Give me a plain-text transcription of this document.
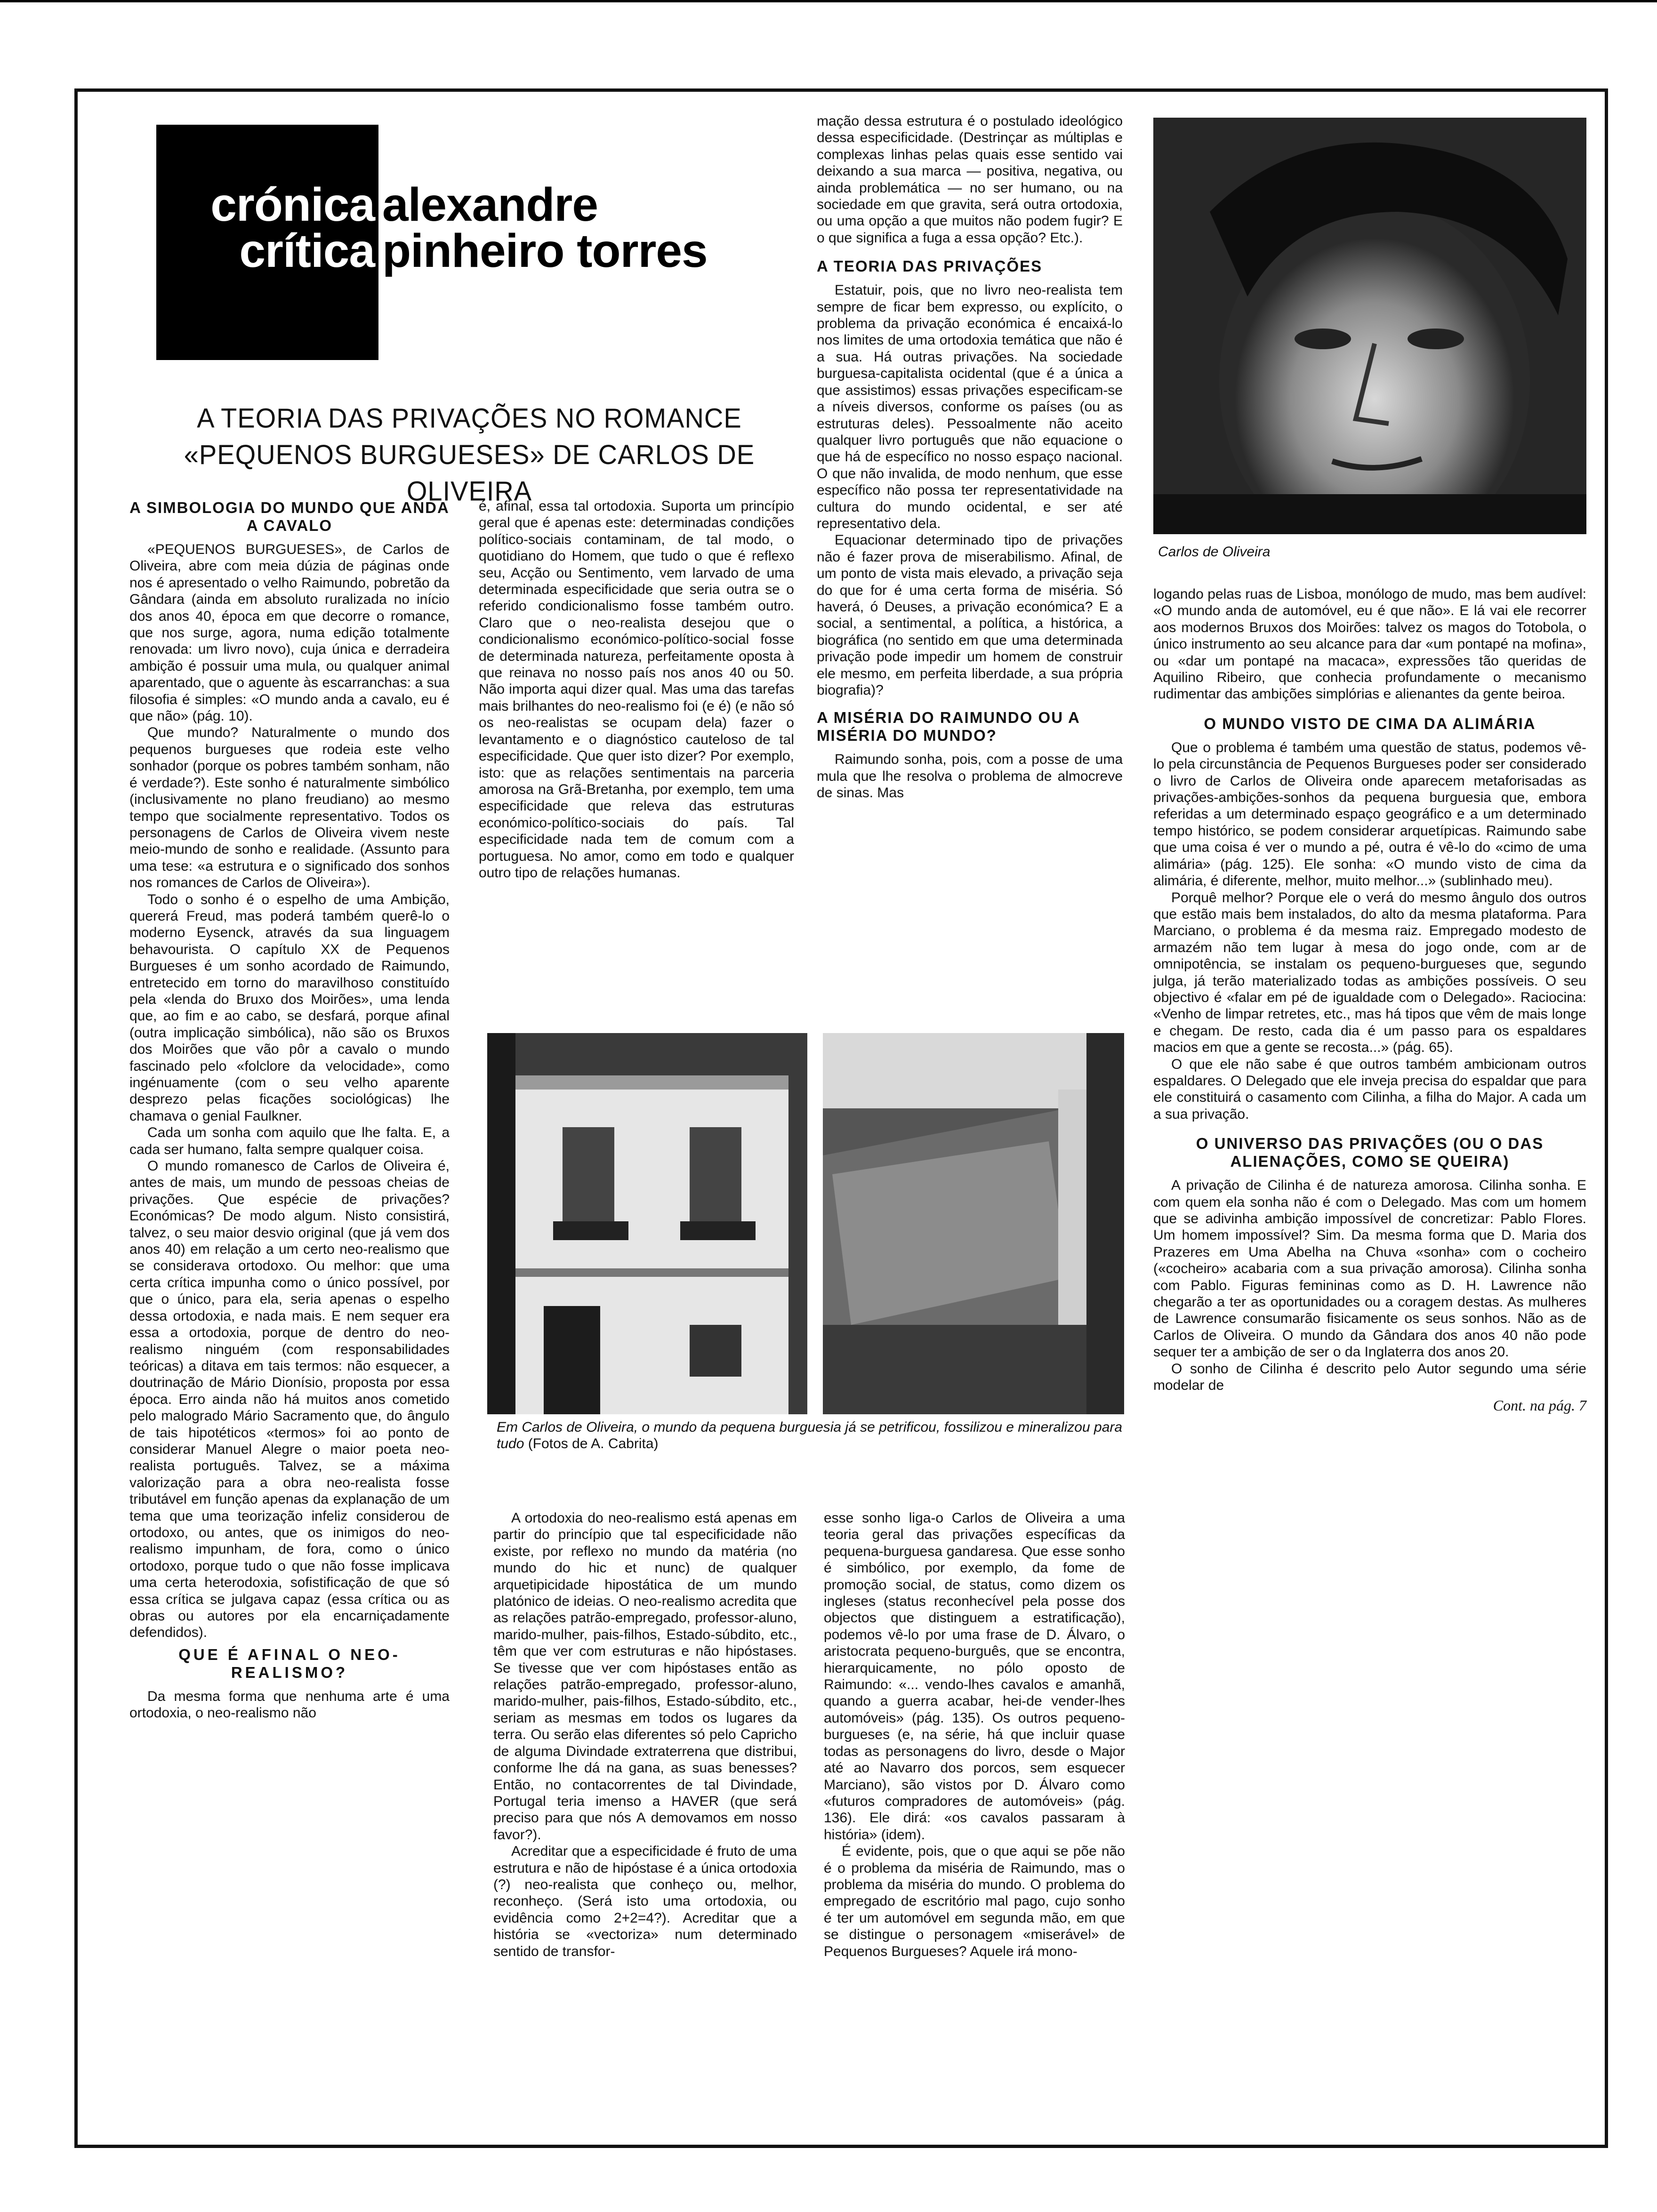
crónica
crítica
alexandre
pinheiro torres
A TEORIA DAS PRIVAÇÕES NO ROMANCE
«PEQUENOS BURGUESES» DE CARLOS DE OLIVEIRA
A SIMBOLOGIA DO MUNDO QUE ANDA A CAVALO

«PEQUENOS BURGUESES», de Carlos de Oliveira, abre com meia dúzia de páginas onde nos é apresentado o velho Raimundo, pobretão da Gândara (ainda em absoluto ruralizada no início dos anos 40, época em que decorre o romance, que nos surge, agora, numa edição totalmente renovada: um livro novo), cuja única e derradeira ambição é possuir uma mula, ou qualquer animal aparentado, que o aguente às escarranchas: a sua filosofia é simples: «O mundo anda a cavalo, eu é que não» (pág. 10).

Que mundo? Naturalmente o mundo dos pequenos burgueses que rodeia este velho sonhador (porque os pobres também sonham, não é verdade?). Este sonho é naturalmente simbólico (inclusivamente no plano freudiano) ao mesmo tempo que socialmente representativo. Todos os personagens de Carlos de Oliveira vivem neste meio-mundo de sonho e realidade. (Assunto para uma tese: «a estrutura e o significado dos sonhos nos romances de Carlos de Oliveira»).

Todo o sonho é o espelho de uma Ambição, quererá Freud, mas poderá também querê-lo o moderno Eysenck, através da sua linguagem behavourista. O capítulo XX de Pequenos Burgueses é um sonho acordado de Raimundo, entretecido em torno do maravilhoso constituído pela «lenda do Bruxo dos Moirões», uma lenda que, ao fim e ao cabo, se desfará, porque afinal (outra implicação simbólica), não são os Bruxos dos Moirões que vão pôr a cavalo o mundo fascinado pelo «folclore da velocidade», como ingénuamente (com o seu velho aparente desprezo pelas ficações sociológicas) lhe chamava o genial Faulkner.

Cada um sonha com aquilo que lhe falta. E, a cada ser humano, falta sempre qualquer coisa.

O mundo romanesco de Carlos de Oliveira é, antes de mais, um mundo de pessoas cheias de privações. Que espécie de privações? Económicas? De modo algum. Nisto consistirá, talvez, o seu maior desvio original (que já vem dos anos 40) em relação a um certo neo-realismo que se considerava ortodoxo. Ou melhor: que uma certa crítica impunha como o único possível, por que o único, para ela, seria apenas o espelho dessa ortodoxia, e nada mais. E nem sequer era essa a ortodoxia, porque de dentro do neo-realismo ninguém (com responsabilidades teóricas) a ditava em tais termos: não esquecer, a doutrinação de Mário Dionísio, proposta por essa época. Erro ainda não há muitos anos cometido pelo malogrado Mário Sacramento que, do ângulo de tais hipotéticos «termos» foi ao ponto de considerar Manuel Alegre o maior poeta neo-realista português. Talvez, se a máxima valorização para a obra neo-realista fosse tributável em função apenas da explanação de um tema que uma teorização infeliz considerou de ortodoxo, ou antes, que os inimigos do neo-realismo impunham, de fora, como o único ortodoxo, porque tudo o que não fosse implicava uma certa heterodoxia, sofistificação de que só essa crítica se julgava capaz (essa crítica ou as obras ou autores por ela encarniçadamente defendidos).

QUE É AFINAL O NEO-REALISMO?

Da mesma forma que nenhuma arte é uma ortodoxia, o neo-realismo não

é, afinal, essa tal ortodoxia. Suporta um princípio geral que é apenas este: determinadas condições político-sociais contaminam, de tal modo, o quotidiano do Homem, que tudo o que é reflexo seu, Acção ou Sentimento, vem larvado de uma determinada especificidade que seria outra se o referido condicionalismo fosse também outro. Claro que o neo-realista desejou que o condicionalismo económico-político-social fosse de determinada natureza, perfeitamente oposta à que reinava no nosso país nos anos 40 ou 50. Não importa aqui dizer qual. Mas uma das tarefas mais brilhantes do neo-realismo foi (e é) (e não só os neo-realistas se ocupam dela) fazer o levantamento e o diagnóstico cauteloso de tal especificidade. Que quer isto dizer? Por exemplo, isto: que as relações sentimentais na parceria amorosa na Grã-Bretanha, por exemplo, tem uma especificidade que releva das estruturas económico-político-sociais do país. Tal especificidade nada tem de comum com a portuguesa. No amor, como em todo e qualquer outro tipo de relações humanas.

mação dessa estrutura é o postulado ideológico dessa especificidade. (Destrinçar as múltiplas e complexas linhas pelas quais esse sentido vai deixando a sua marca — positiva, negativa, ou ainda problemática — no ser humano, ou na sociedade em que gravita, será outra ortodoxia, ou uma opção a que muitos não podem fugir? E o que significa a fuga a essa opção? Etc.).

A TEORIA DAS PRIVAÇÕES

Estatuir, pois, que no livro neo-realista tem sempre de ficar bem expresso, ou explícito, o problema da privação económica é encaixá-lo nos limites de uma ortodoxia temática que não é a sua. Há outras privações. Na sociedade burguesa-capitalista ocidental (que é a única a que assistimos) essas privações especificam-se a níveis diversos, conforme os países (ou as estruturas deles). Pessoalmente não aceito qualquer livro português que não equacione o que há de específico no nosso espaço nacional. O que não invalida, de modo nenhum, que esse específico não possa ter representatividade na cultura do mundo ocidental, e ser até representativo dela.

Equacionar determinado tipo de privações não é fazer prova de miserabilismo. Afinal, de um ponto de vista mais elevado, a privação seja do que for é uma certa forma de miséria. Só haverá, ó Deuses, a privação económica? E a social, a sentimental, a política, a histórica, a biográfica (no sentido em que uma determinada privação pode impedir um homem de construir ele mesmo, em perfeita liberdade, a sua própria biografia)?

A MISÉRIA DO RAIMUNDO OU A MISÉRIA DO MUNDO?

Raimundo sonha, pois, com a posse de uma mula que lhe resolva o problema de almocreve de sinas. Mas

Carlos de Oliveira

logando pelas ruas de Lisboa, monólogo de mudo, mas bem audível: «O mundo anda de automóvel, eu é que não». E lá vai ele recorrer aos modernos Bruxos dos Moirões: talvez os magos do Totobola, o único instrumento ao seu alcance para dar «um pontapé na mofina», ou «dar um pontapé na macaca», expressões tão queridas de Aquilino Ribeiro, que conhecia profundamente o mecanismo rudimentar das ambições simplórias e alienantes da gente beiroa.

O MUNDO VISTO DE CIMA DA ALIMÁRIA

Que o problema é também uma questão de status, podemos vê-lo pela circunstância de Pequenos Burgueses poder ser considerado o livro de Carlos de Oliveira onde aparecem metaforisadas as privações-ambições-sonhos da pequena burguesia que, embora referidas a um determinado espaço geográfico e a um determinado tempo histórico, se podem considerar arquetípicas. Raimundo sabe que uma coisa é ver o mundo a pé, outra é vê-lo do «cimo de uma alimária» (pág. 125). Ele sonha: «O mundo visto de cima da alimária, é diferente, melhor, muito melhor...» (sublinhado meu).

Porquê melhor? Porque ele o verá do mesmo ângulo dos outros que estão mais bem instalados, do alto da mesma plataforma. Para Marciano, o problema é da mesma raiz. Empregado modesto de armazém não tem lugar à mesa do jogo onde, com ar de omnipotência, se instalam os pequeno-burgueses que, segundo julga, já terão materializado todas as ambições possíveis. O seu objectivo é «falar em pé de igualdade com o Delegado». Raciocina: «Venho de limpar retretes, etc., mas há tipos que vêm de mais longe e chegam. De resto, cada dia é um passo para os espaldares macios em que a gente se recosta...» (pág. 65).

O que ele não sabe é que outros também ambicionam outros espaldares. O Delegado que ele inveja precisa do espaldar que para ele constituirá o casamento com Cilinha, a filha do Major. A cada um a sua privação.

O UNIVERSO DAS PRIVAÇÕES (OU O DAS ALIENAÇÕES, COMO SE QUEIRA)

A privação de Cilinha é de natureza amorosa. Cilinha sonha. E com quem ela sonha não é com o Delegado. Mas com um homem que se adivinha ambição impossível de concretizar: Pablo Flores. Um homem impossível? Sim. Da mesma forma que D. Maria dos Prazeres em Uma Abelha na Chuva «sonha» com o cocheiro («cocheiro» acabaria com a sua privação amorosa). Cilinha sonha com Pablo. Figuras femininas como as D. H. Lawrence não chegarão a ter as oportunidades ou a coragem destas. As mulheres de Lawrence consumarão fisicamente os seus sonhos. Não as de Carlos de Oliveira. O mundo da Gândara dos anos 40 não pode sequer ter a ambição de ser o da Inglaterra dos anos 20.

O sonho de Cilinha é descrito pelo Autor segundo uma série modelar de

Cont. na pág. 7
Em Carlos de Oliveira, o mundo da pequena burguesia já se petrificou, fossilizou e mineralizou para tudo (Fotos de A. Cabrita)

A ortodoxia do neo-realismo está apenas em partir do princípio que tal especificidade não existe, por reflexo no mundo da matéria (no mundo do hic et nunc) de qualquer arquetipicidade hipostática de um mundo platónico de ideias. O neo-realismo acredita que as relações patrão-empregado, professor-aluno, marido-mulher, pais-filhos, Estado-súbdito, etc., têm que ver com estruturas e não hipóstases. Se tivesse que ver com hipóstases então as relações patrão-empregado, professor-aluno, marido-mulher, pais-filhos, Estado-súbdito, etc., seriam as mesmas em todos os lugares da terra. Ou serão elas diferentes só pelo Capricho de alguma Divindade extraterrena que distribui, conforme lhe dá na gana, as suas benesses? Então, no contacorrentes de tal Divindade, Portugal teria imenso a HAVER (que será preciso para que nós A demovamos em nosso favor?).

Acreditar que a especificidade é fruto de uma estrutura e não de hipóstase é a única ortodoxia (?) neo-realista que conheço ou, melhor, reconheço. (Será isto uma ortodoxia, ou evidência como 2+2=4?). Acreditar que a história se «vectoriza» num determinado sentido de transfor-

esse sonho liga-o Carlos de Oliveira a uma teoria geral das privações específicas da pequena-burguesa gandaresa. Que esse sonho é simbólico, por exemplo, da fome de promoção social, de status, como dizem os ingleses (status reconhecível pela posse dos objectos que distinguem a estratificação), podemos vê-lo por uma frase de D. Álvaro, o aristocrata pequeno-burguês, que se encontra, hierarquicamente, no pólo oposto de Raimundo: «... vendo-lhes cavalos e amanhã, quando a guerra acabar, hei-de vender-lhes automóveis» (pág. 135). Os outros pequeno-burgueses (e, na série, há que incluir quase todas as personagens do livro, desde o Major até ao Navarro dos porcos, sem esquecer Marciano), são vistos por D. Álvaro como «futuros compradores de automóveis» (pág. 136). Ele dirá: «os cavalos passaram à história» (idem).

É evidente, pois, que o que aqui se põe não é o problema da miséria de Raimundo, mas o problema da miséria do mundo. O problema do empregado de escritório mal pago, cujo sonho é ter um automóvel em segunda mão, em que se distingue o personagem «miserável» de Pequenos Burgueses? Aquele irá mono-
